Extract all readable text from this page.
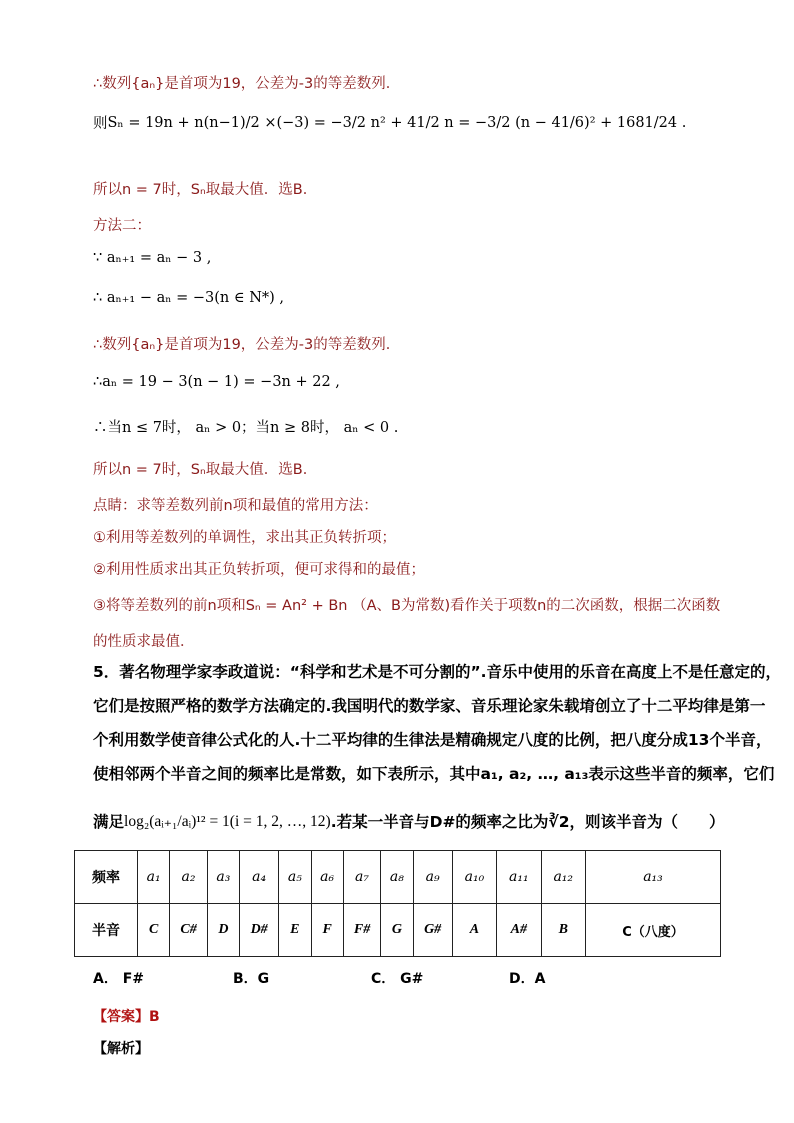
∴数列{aₙ}是首项为19，公差为-3的等差数列．
则 Sₙ = 19n + n(n−1)/2 ×(−3) = −3/2 n² + 41/2 n = −3/2 (n − 41/6)² + 1681/24 .
所以n = 7时，Sₙ取最大值．选B．
方法二：
∵ aₙ₊₁ = aₙ − 3 ,
∴ aₙ₊₁ − aₙ = −3(n ∈ N*) ,
∴数列{aₙ}是首项为19，公差为-3的等差数列．
∴aₙ = 19 − 3(n − 1) = −3n + 22 ,
∴当n ≤ 7时， aₙ > 0；当n ≥ 8时， aₙ < 0 .
所以n = 7时，Sₙ取最大值．选B．
点睛：求等差数列前n项和最值的常用方法：
①利用等差数列的单调性，求出其正负转折项；
②利用性质求出其正负转折项，便可求得和的最值；
③将等差数列的前n项和Sₙ = An² + Bn （A、B为常数)看作关于项数n的二次函数，根据二次函数
的性质求最值．
5．著名物理学家李政道说：“科学和艺术是不可分割的”.音乐中使用的乐音在高度上不是任意定的，
它们是按照严格的数学方法确定的.我国明代的数学家、音乐理论家朱载堉创立了十二平均律是第一
个利用数学使音律公式化的人.十二平均律的生律法是精确规定八度的比例，把八度分成13个半音，
使相邻两个半音之间的频率比是常数，如下表所示，其中a₁, a₂, …, a₁₃表示这些半音的频率，它们
满足 log₂(aᵢ₊₁/aᵢ)¹² = 1(i = 1, 2, …, 12) .若某一半音与D#的频率之比为∛2，则该半音为（　　）
频率	a₁	a₂	a₃	a₄	a₅	a₆	a₇	a₈	a₉	a₁₀	a₁₁	a₁₂	a₁₃
半音	C	C#	D	D#	E	F	F#	G	G#	A	A#	B	C（八度）
A． F#	B．G	C． G#	D．A
【答案】B
【解析】
